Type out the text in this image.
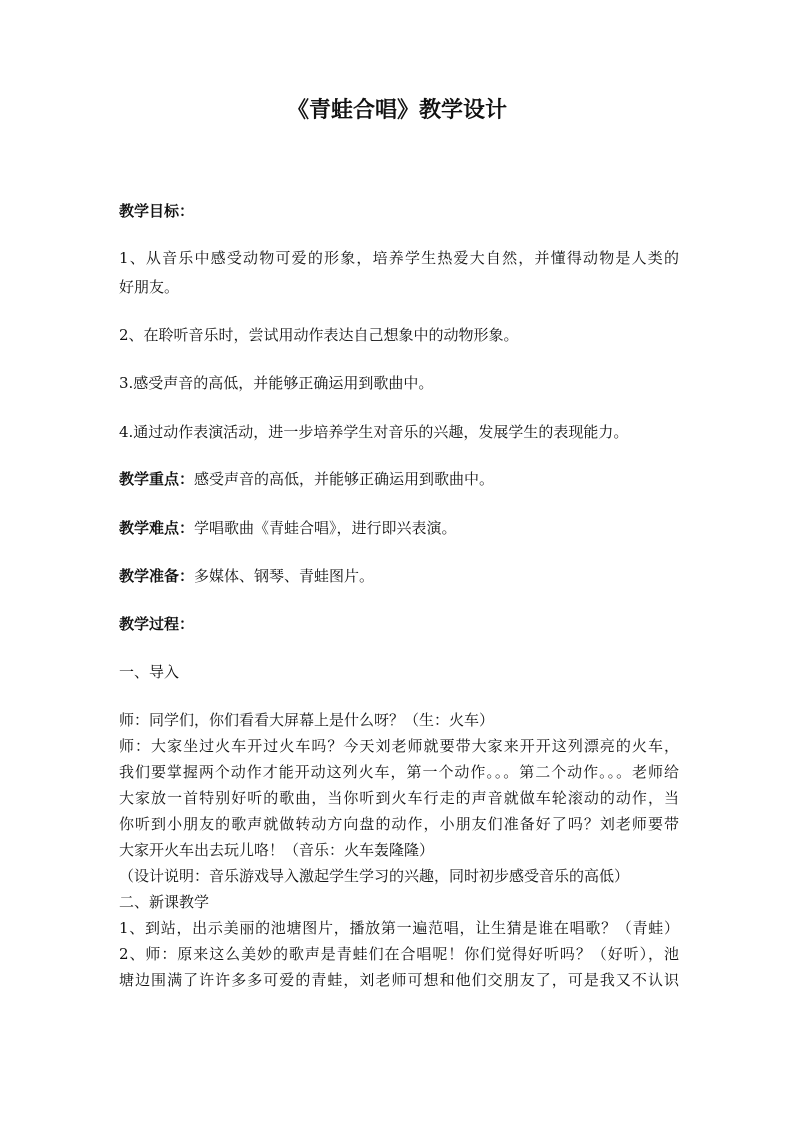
《青蛙合唱》教学设计
教学目标：
1、从音乐中感受动物可爱的形象，培养学生热爱大自然，并懂得动物是人类的
好朋友。
2、在聆听音乐时，尝试用动作表达自己想象中的动物形象。
3.感受声音的高低，并能够正确运用到歌曲中。
4.通过动作表演活动，进一步培养学生对音乐的兴趣，发展学生的表现能力。
教学重点：感受声音的高低，并能够正确运用到歌曲中。
教学难点：学唱歌曲《青蛙合唱》，进行即兴表演。
教学准备：多媒体、钢琴、青蛙图片。
教学过程：
一、导入
师：同学们，你们看看大屏幕上是什么呀？（生：火车）
师：大家坐过火车开过火车吗？今天刘老师就要带大家来开开这列漂亮的火车，
我们要掌握两个动作才能开动这列火车，第一个动作。。。第二个动作。。。老师给
大家放一首特别好听的歌曲，当你听到火车行走的声音就做车轮滚动的动作，当
你听到小朋友的歌声就做转动方向盘的动作，小朋友们准备好了吗？刘老师要带
大家开火车出去玩儿咯！（音乐：火车轰隆隆）
（设计说明：音乐游戏导入激起学生学习的兴趣，同时初步感受音乐的高低）
二、新课教学
1、到站，出示美丽的池塘图片，播放第一遍范唱，让生猜是谁在唱歌？（青蛙）
2、师：原来这么美妙的歌声是青蛙们在合唱呢！你们觉得好听吗？（好听），池
塘边围满了许许多多可爱的青蛙，刘老师可想和他们交朋友了，可是我又不认识
